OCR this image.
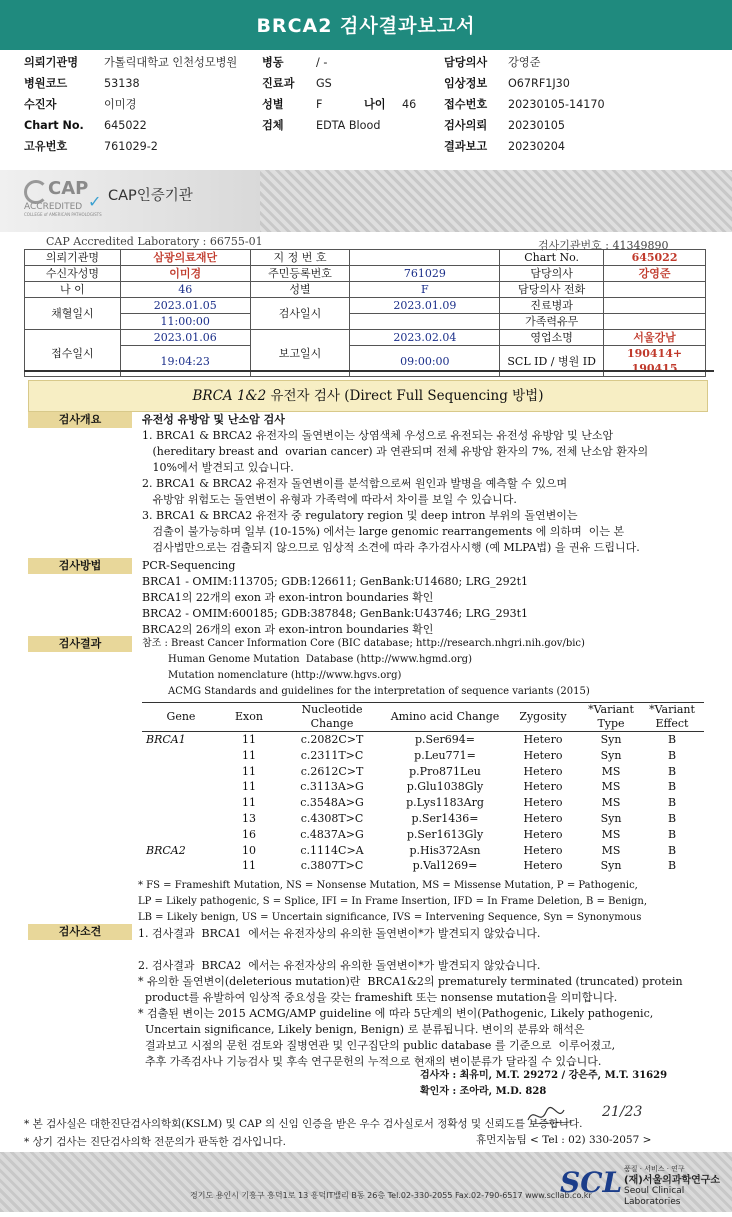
BRCA2 검사결과보고서
의뢰기관명 가톨릭대학교 인천성모병원 병동	/ -	담당의사 강영준
병원코드	53138	진료과 GS	임상정보 O67RF1J30
수진자	이미경	성별	F	나이 46 접수번호 20230105-14170
Chart No. 645022	검체	EDTA Blood	검사의뢰 20230105
고유번호	761029-2	결과보고 20230204
CAP
ACCREDITED
COLLEGE of AMERICAN PATHOLOGISTS
✓ CAP인증기관
CAP Accredited Laboratory : 66755-01	검사기관번호 : 41349890
의뢰기관명	삼광의료재단	지 정 번 호		Chart No.	645022
수신자성명	이미경	주민등록번호	761029	담당의사	강영준
나 이	46	성별	F	담당의사 전화	
채혈일시	2023.01.05	검사일시	2023.01.09	진료병과	
	11:00:00			가족력유무	
접수일시	2023.01.06	보고일시	2023.02.04	영업소명	서울강남
	19:04:23		09:00:00	SCL ID / 병원 ID	190414+ 190415
BRCA 1&2 유전자 검사 (Direct Full Sequencing 방법)
검사개요	유전성 유방암 및 난소암 검사
1. BRCA1 & BRCA2 유전자의 돌연변이는 상염색체 우성으로 유전되는 유전성 유방암 및 난소암
(hereditary breast and  ovarian cancer) 과 연관되며 전체 유방암 환자의 7%, 전체 난소암 환자의
10%에서 발견되고 있습니다.
2. BRCA1 & BRCA2 유전자 돌연변이를 분석함으로써 원인과 발병을 예측할 수 있으며
유방암 위험도는 돌연변이 유형과 가족력에 따라서 차이를 보일 수 있습니다.
3. BRCA1 & BRCA2 유전자 중 regulatory region 및 deep intron 부위의 돌연변이는
검출이 불가능하며 일부 (10-15%) 에서는 large genomic rearrangements 에 의하며  이는 본
검사법만으로는 검출되지 않으므로 임상적 소견에 따라 추가검사시행 (예 MLPA법) 을 권유 드립니다.
검사방법	PCR-Sequencing
BRCA1 - OMIM:113705; GDB:126611; GenBank:U14680; LRG_292t1
BRCA1의 22개의 exon 과 exon-intron boundaries 확인
BRCA2 - OMIM:600185; GDB:387848; GenBank:U43746; LRG_293t1
BRCA2의 26개의 exon 과 exon-intron boundaries 확인
검사결과	참조 : Breast Cancer Information Core (BIC database; http://research.nhgri.nih.gov/bic)
Human Genome Mutation  Database (http://www.hgmd.org)
Mutation nomenclature (http://www.hgvs.org)
ACMG Standards and guidelines for the interpretation of sequence variants (2015)
Gene	Exon	Nucleotide Change	Amino acid Change	Zygosity	*Variant Type	*Variant Effect
BRCA1	11	c.2082C>T	p.Ser694=	Hetero	Syn	B
	11	c.2311T>C	p.Leu771=	Hetero	Syn	B
	11	c.2612C>T	p.Pro871Leu	Hetero	MS	B
	11	c.3113A>G	p.Glu1038Gly	Hetero	MS	B
	11	c.3548A>G	p.Lys1183Arg	Hetero	MS	B
	13	c.4308T>C	p.Ser1436=	Hetero	Syn	B
	16	c.4837A>G	p.Ser1613Gly	Hetero	MS	B
BRCA2	10	c.1114C>A	p.His372Asn	Hetero	MS	B
	11	c.3807T>C	p.Val1269=	Hetero	Syn	B
* FS = Frameshift Mutation, NS = Nonsense Mutation, MS = Missense Mutation, P = Pathogenic,
LP = Likely pathogenic, S = Splice, IFI = In Frame Insertion, IFD = In Frame Deletion, B = Benign,
LB = Likely benign, US = Uncertain significance, IVS = Intervening Sequence, Syn = Synonymous
검사소견	1. 검사결과  BRCA1  에서는 유전자상의 유의한 돌연변이*가 발견되지 않았습니다.
2. 검사결과  BRCA2  에서는 유전자상의 유의한 돌연변이*가 발견되지 않았습니다.
* 유의한 돌연변이(deleterious mutation)란  BRCA1&2의 prematurely terminated (truncated) protein
product를 유발하여 임상적 중요성을 갖는 frameshift 또는 nonsense mutation을 의미합니다.
* 검출된 변이는 2015 ACMG/AMP guideline 에 따라 5단계의 변이(Pathogenic, Likely pathogenic,
Uncertain significance, Likely benign, Benign) 로 분류됩니다. 변이의 분류와 해석은
결과보고 시점의 문헌 검토와 질병연관 및 인구집단의 public database 를 기준으로  이루어졌고,
추후 가족검사나 기능검사 및 후속 연구문헌의 누적으로 현재의 변이분류가 달라질 수 있습니다.
검사자 : 최유미, M.T. 29272 / 강은주, M.T. 31629
확인자 : 조아라, M.D. 828
21/23
* 본 검사실은 대한진단검사의학회(KSLM) 및 CAP 의 신임 인증을 받은 우수 검사실로서 정확성 및 신뢰도를 보증합니다.
* 상기 검사는 진단검사의학 전문의가 판독한 검사입니다.	휴먼지놈팀 < Tel : 02) 330-2057 >
경기도 용인시 기흥구 흥덕1로 13 흥덕IT밸리 B동 26층 Tel.02-330-2055 Fax.02-790-6517 www.scllab.co.kr
SCL 품질 · 서비스 · 연구
(재)서울의과학연구소
Seoul Clinical Laboratories
